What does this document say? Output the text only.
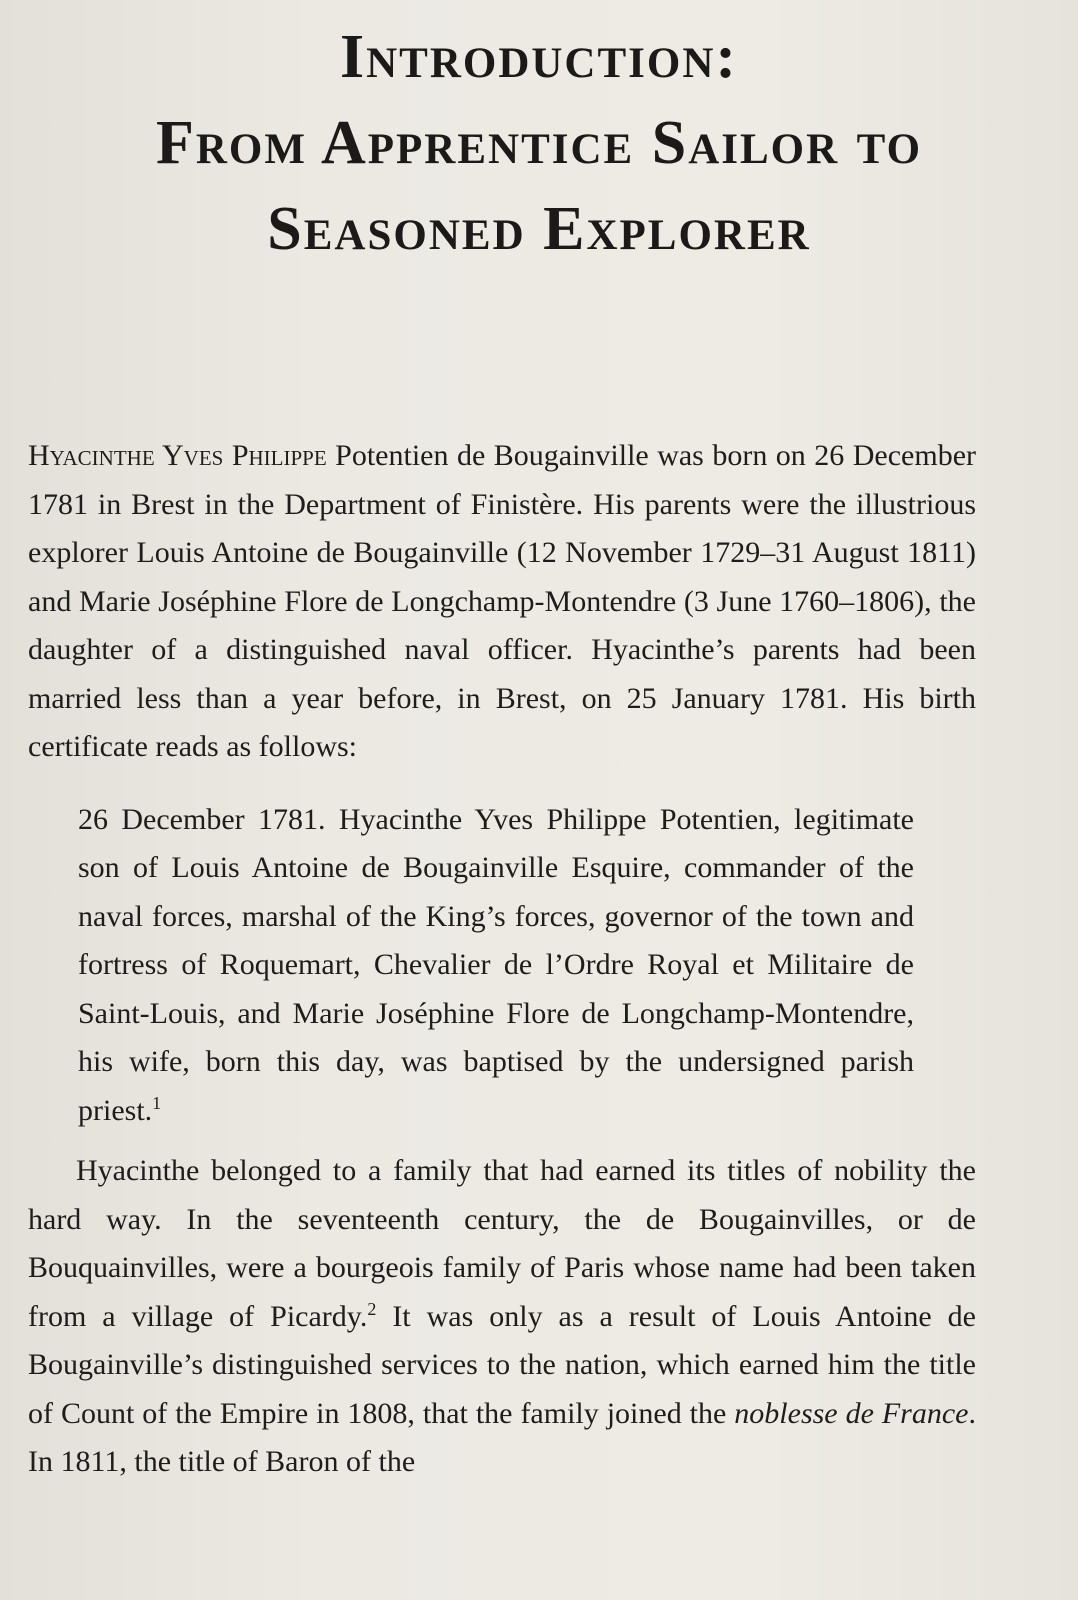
Introduction:
From Apprentice Sailor to
Seasoned Explorer

Hyacinthe Yves Philippe Potentien de Bougainville was born on 26 December 1781 in Brest in the Department of Finistère. His parents were the illustrious explorer Louis Antoine de Bougainville (12 November 1729–31 August 1811) and Marie Joséphine Flore de Longchamp-Montendre (3 June 1760–1806), the daughter of a distinguished naval officer. Hyacinthe’s parents had been married less than a year before, in Brest, on 25 January 1781. His birth certificate reads as follows:

26 December 1781. Hyacinthe Yves Philippe Potentien, legitimate son of Louis Antoine de Bougainville Esquire, commander of the naval forces, marshal of the King’s forces, governor of the town and fortress of Roquemart, Chevalier de l’Ordre Royal et Militaire de Saint-Louis, and Marie Joséphine Flore de Longchamp-Montendre, his wife, born this day, was baptised by the undersigned parish priest.$^1$

Hyacinthe belonged to a family that had earned its titles of nobility the hard way. In the seventeenth century, the de Bougainvilles, or de Bouquainvilles, were a bourgeois family of Paris whose name had been taken from a village of Picardy.$^2$ It was only as a result of Louis Antoine de Bougainville’s distinguished services to the nation, which earned him the title of Count of the Empire in 1808, that the family joined the noblesse de France. In 1811, the title of Baron of the
